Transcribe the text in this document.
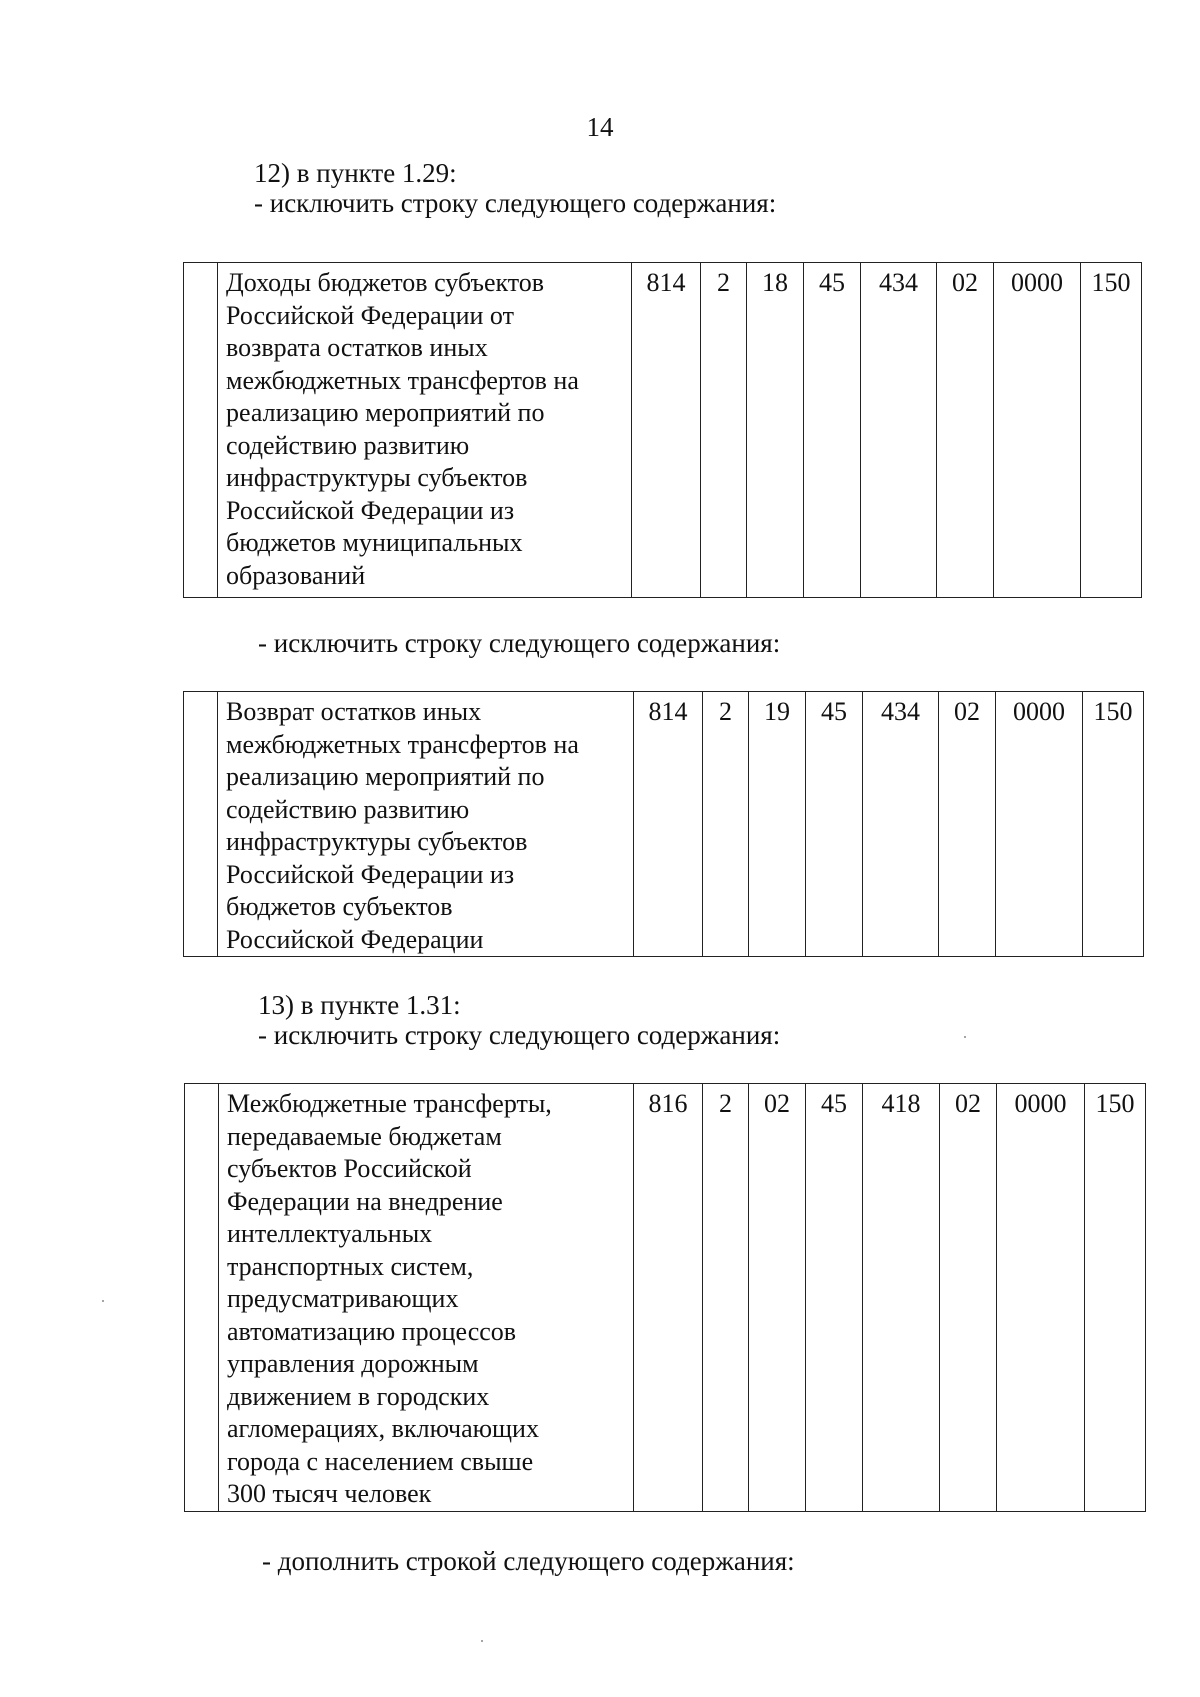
14
12) в пункте 1.29:
- исключить строку следующего содержания:

Доходы бюджетов субъектов
Российской Федерации от
возврата остатков иных
межбюджетных трансфертов на
реализацию мероприятий по
содействию развитию
инфраструктуры субъектов
Российской Федерации из
бюджетов муниципальных
образований
	814	2	18	45	434	02	0000	150
- исключить строку следующего содержания:

Возврат остатков иных
межбюджетных трансфертов на
реализацию мероприятий по
содействию развитию
инфраструктуры субъектов
Российской Федерации из
бюджетов субъектов
Российской Федерации
	814	2	19	45	434	02	0000	150
13) в пункте 1.31:
- исключить строку следующего содержания:

Межбюджетные трансферты,
передаваемые бюджетам
субъектов Российской
Федерации на внедрение
интеллектуальных
транспортных систем,
предусматривающих
автоматизацию процессов
управления дорожным
движением в городских
агломерациях, включающих
города с населением свыше
300 тысяч человек
	816	2	02	45	418	02	0000	150
- дополнить строкой следующего содержания:
